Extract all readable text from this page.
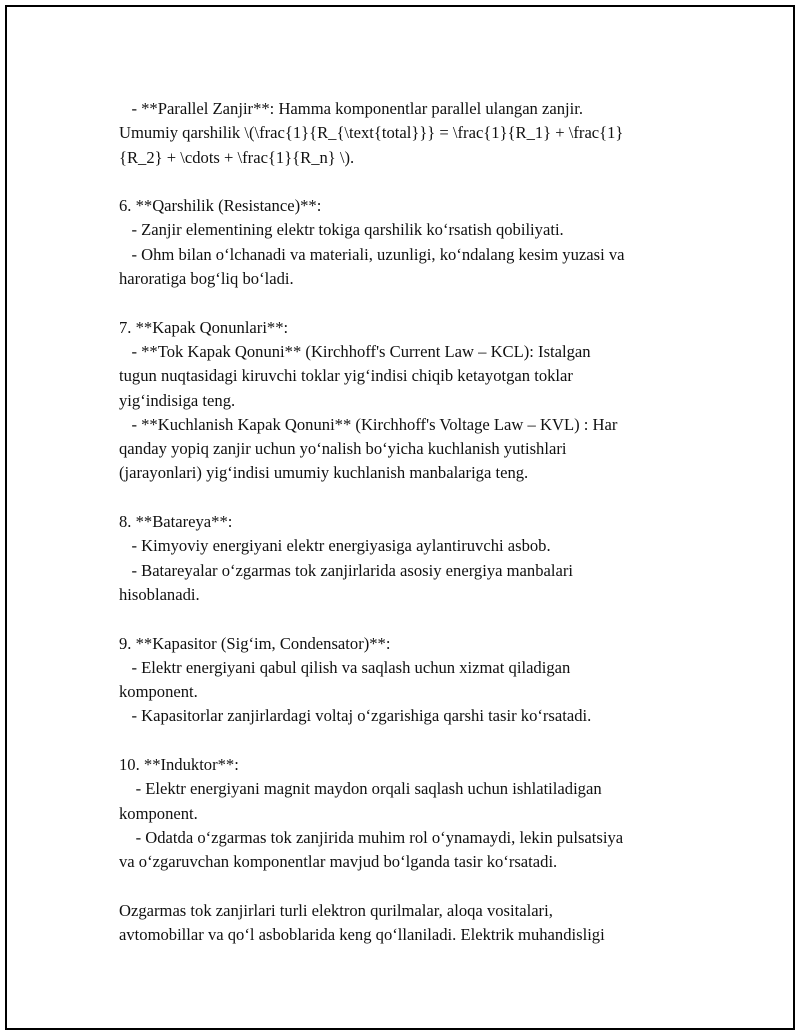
- **Parallel Zanjir**: Hamma komponentlar parallel ulangan zanjir.
Umumiy qarshilik \(\frac{1}{R_{\text{total}}} = \frac{1}{R_1} + \frac{1}
{R_2} + \cdots + \frac{1}{R_n} \).
6. **Qarshilik (Resistance)**:
- Zanjir elementining elektr tokiga qarshilik koʻrsatish qobiliyati.
- Ohm bilan oʻlchanadi va materiali, uzunligi, koʻndalang kesim yuzasi va
haroratiga bogʻliq boʻladi.
7. **Kapak Qonunlari**:
- **Tok Kapak Qonuni** (Kirchhoff's Current Law – KCL): Istalgan
tugun nuqtasidagi kiruvchi toklar yigʻindisi chiqib ketayotgan toklar
yigʻindisiga teng.
- **Kuchlanish Kapak Qonuni** (Kirchhoff's Voltage Law – KVL) : Har
qanday yopiq zanjir uchun yoʻnalish boʻyicha kuchlanish yutishlari
(jarayonlari) yigʻindisi umumiy kuchlanish manbalariga teng.
8. **Batareya**:
- Kimyoviy energiyani elektr energiyasiga aylantiruvchi asbob.
- Batareyalar oʻzgarmas tok zanjirlarida asosiy energiya manbalari
hisoblanadi.
9. **Kapasitor (Sigʻim, Condensator)**:
- Elektr energiyani qabul qilish va saqlash uchun xizmat qiladigan
komponent.
- Kapasitorlar zanjirlardagi voltaj oʻzgarishiga qarshi tasir koʻrsatadi.
10. **Induktor**:
- Elektr energiyani magnit maydon orqali saqlash uchun ishlatiladigan
komponent.
- Odatda oʻzgarmas tok zanjirida muhim rol oʻynamaydi, lekin pulsatsiya
va oʻzgaruvchan komponentlar mavjud boʻlganda tasir koʻrsatadi.
Ozgarmas tok zanjirlari turli elektron qurilmalar, aloqa vositalari,
avtomobillar va qoʻl asboblarida keng qoʻllaniladi. Elektrik muhandisligi
